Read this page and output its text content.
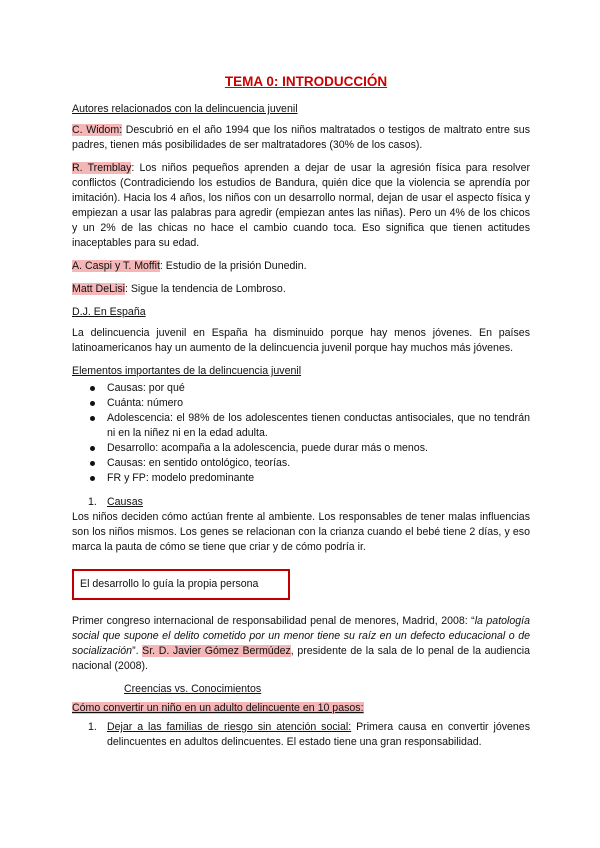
TEMA 0: INTRODUCCIÓN
Autores relacionados con la delincuencia juvenil

C. Widom: Descubrió en el año 1994 que los niños maltratados o testigos de maltrato entre sus padres, tienen más posibilidades de ser maltratadores (30% de los casos).

R. Tremblay: Los niños pequeños aprenden a dejar de usar la agresión física para resolver conflictos (Contradiciendo los estudios de Bandura, quién dice que la violencia se aprendía por imitación). Hacia los 4 años, los niños con un desarrollo normal, dejan de usar el aspecto física y empiezan a usar las palabras para agredir (empiezan antes las niñas). Pero un 4% de los chicos y un 2% de las chicas no hace el cambio cuando toca. Eso significa que tienen actitudes inaceptables para su edad.

A. Caspi y T. Moffit: Estudio de la prisión Dunedin.

Matt DeLisi: Sigue la tendencia de Lombroso.

D.J. En España

La delincuencia juvenil en España ha disminuido porque hay menos jóvenes. En países latinoamericanos hay un aumento de la delincuencia juvenil porque hay muchos más jóvenes.

Elementos importantes de la delincuencia juvenil
Causas: por qué
Cuánta: número
Adolescencia: el 98% de los adolescentes tienen conductas antisociales, que no tendrán ni en la niñez ni en la edad adulta.
Desarrollo: acompaña a la adolescencia, puede durar más o menos.
Causas: en sentido ontológico, teorías.
FR y FP: modelo predominante
1. Causas

Los niños deciden cómo actúan frente al ambiente. Los responsables de tener malas influencias son los niños mismos. Los genes se relacionan con la crianza cuando el bebé tiene 2 días, y eso marca la pauta de cómo se tiene que criar y de cómo podría ir.

El desarrollo lo guía la propia persona

Primer congreso internacional de responsabilidad penal de menores, Madrid, 2008: “la patología social que supone el delito cometido por un menor tiene su raíz en un defecto educacional o de socialización”. Sr. D. Javier Gómez Bermúdez, presidente de la sala de lo penal de la audiencia nacional (2008).

Creencias vs. Conocimientos
Cómo convertir un niño en un adulto delincuente en 10 pasos:
1. Dejar a las familias de riesgo sin atención social: Primera causa en convertir jóvenes delincuentes en adultos delincuentes. El estado tiene una gran responsabilidad.
